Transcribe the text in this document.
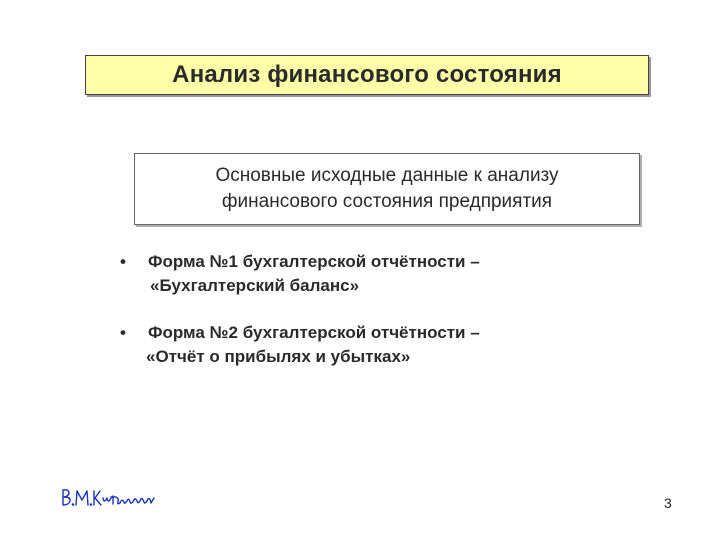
Анализ финансового состояния
Основные исходные данные к анализу
финансового состояния предприятия
•	Форма №1 бухгалтерской отчётности –
«Бухгалтерский баланс»
•	Форма №2 бухгалтерской отчётности –
«Отчёт о прибылях и убытках»
3
